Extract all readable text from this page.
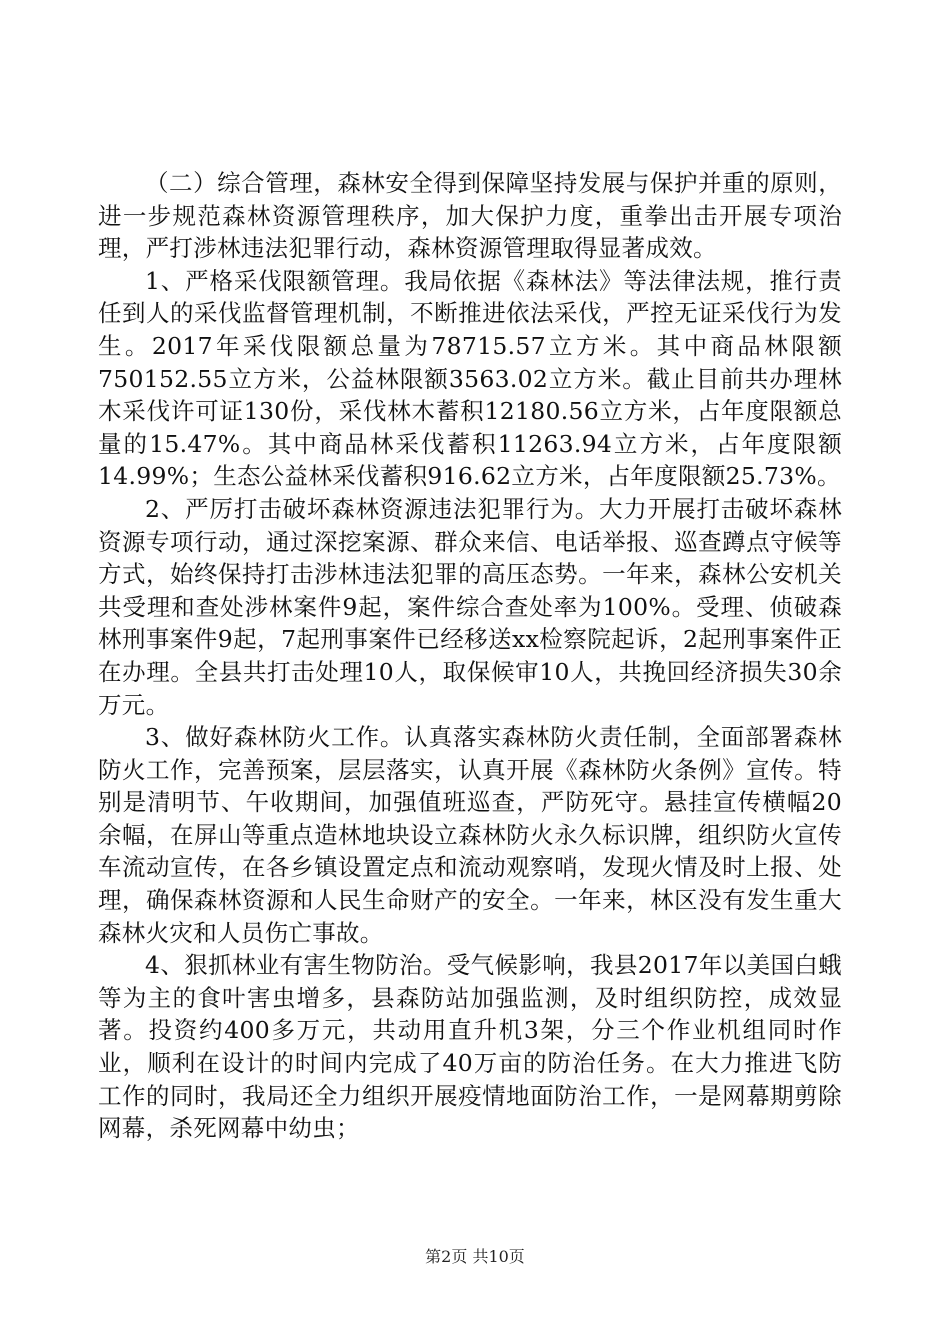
（二）综合管理，森林安全得到保障坚持发展与保护并重的原则，进一步规范森林资源管理秩序，加大保护力度，重拳出击开展专项治理，严打涉林违法犯罪行动，森林资源管理取得显著成效。

1、严格采伐限额管理。我局依据《森林法》等法律法规，推行责任到人的采伐监督管理机制，不断推进依法采伐，严控无证采伐行为发生。2017年采伐限额总量为78715.57立方米。其中商品林限额750152.55立方米，公益林限额3563.02立方米。截止目前共办理林木采伐许可证130份，采伐林木蓄积12180.56立方米，占年度限额总量的15.47%。其中商品林采伐蓄积11263.94立方米，占年度限额14.99%；生态公益林采伐蓄积916.62立方米，占年度限额25.73%。

2、严厉打击破坏森林资源违法犯罪行为。大力开展打击破坏森林资源专项行动，通过深挖案源、群众来信、电话举报、巡查蹲点守候等方式，始终保持打击涉林违法犯罪的高压态势。一年来，森林公安机关共受理和查处涉林案件9起，案件综合查处率为100%。受理、侦破森林刑事案件9起，7起刑事案件已经移送xx检察院起诉，2起刑事案件正在办理。全县共打击处理10人，取保候审10人，共挽回经济损失30余万元。

3、做好森林防火工作。认真落实森林防火责任制，全面部署森林防火工作，完善预案，层层落实，认真开展《森林防火条例》宣传。特别是清明节、午收期间，加强值班巡查，严防死守。悬挂宣传横幅20余幅，在屏山等重点造林地块设立森林防火永久标识牌，组织防火宣传车流动宣传，在各乡镇设置定点和流动观察哨，发现火情及时上报、处理，确保森林资源和人民生命财产的安全。一年来，林区没有发生重大森林火灾和人员伤亡事故。

4、狠抓林业有害生物防治。受气候影响，我县2017年以美国白蛾等为主的食叶害虫增多，县森防站加强监测，及时组织防控，成效显著。投资约400多万元，共动用直升机3架，分三个作业机组同时作业，顺利在设计的时间内完成了40万亩的防治任务。在大力推进飞防工作的同时，我局还全力组织开展疫情地面防治工作，一是网幕期剪除网幕，杀死网幕中幼虫；

第2页 共10页
